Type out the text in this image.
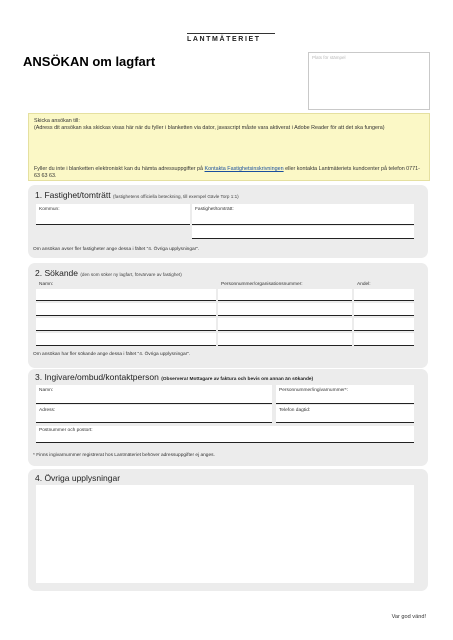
LANTMÄTERIET
ANSÖKAN om lagfart	Plats för stämpel
Skicka ansökan till:
(Adress dit ansökan ska skickas visas här när du fyller i blanketten via dator, javascript måste vara aktiverat i Adobe Reader för att det ska fungera)
Fyller du inte i blanketten elektroniskt kan du hämta adressuppgifter på Kontakta Fastighetsinskrivningen eller kontakta Lantmäteriets kundcenter på telefon 0771-63 63 63.
1. Fastighet/tomträtt (fastighetens officiella beteckning, till exempel Gävle Torp 1:1)
Kommun:	Fastighet/tomträtt:
Om ansökan avser fler fastigheter ange dessa i fältet "4. Övriga upplysningar".
2. Sökande (den som söker ny lagfart, förvärvare av fastighet)
Namn:	Personnummer/organisationsnummer:	Andel:
Om ansökan har fler sökande ange dessa i fältet "4. Övriga upplysningar".
3. Ingivare/ombud/kontaktperson (Observera! Mottagare av faktura och bevis om annan än sökande)
Namn:	Personnummer/ingivarnummer*:
Adress:	Telefon dagtid:
Postnummer och postort:
* Finns ingivarnummer registrerat hos Lantmäteriet behöver adressuppgifter ej anges.
4. Övriga upplysningar
Var god vänd!
